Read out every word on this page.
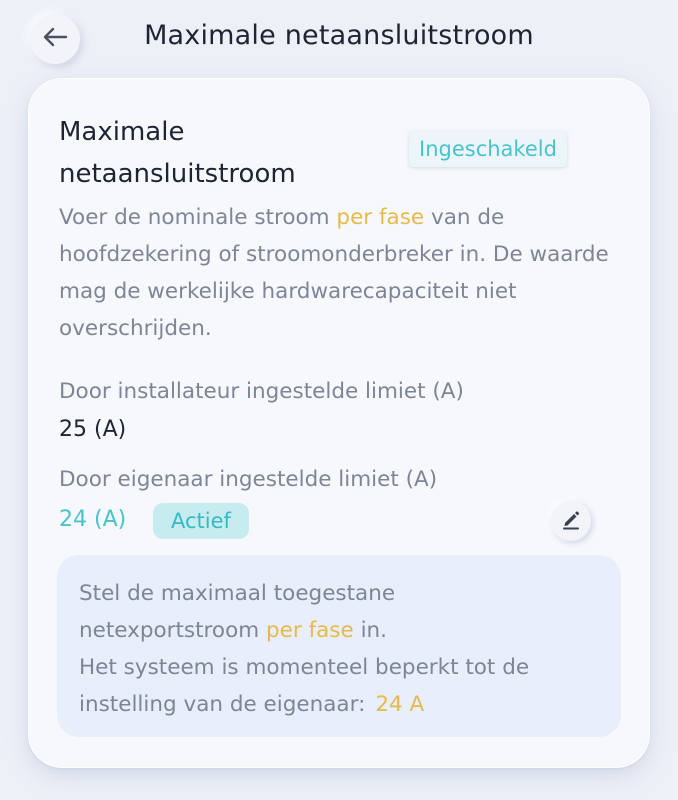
Maximale netaansluitstroom
Maximale netaansluitstroom
Ingeschakeld
Voer de nominale stroom per fase van de hoofdzekering of stroomonderbreker in. De waarde mag de werkelijke hardwarecapaciteit niet overschrijden.
Door installateur ingestelde limiet (A)
25 (A)
Door eigenaar ingestelde limiet (A)
24 (A)	Actief
Stel de maximaal toegestane
netexportstroom per fase in.
Het systeem is momenteel beperkt tot de
instelling van de eigenaar: 24 A
